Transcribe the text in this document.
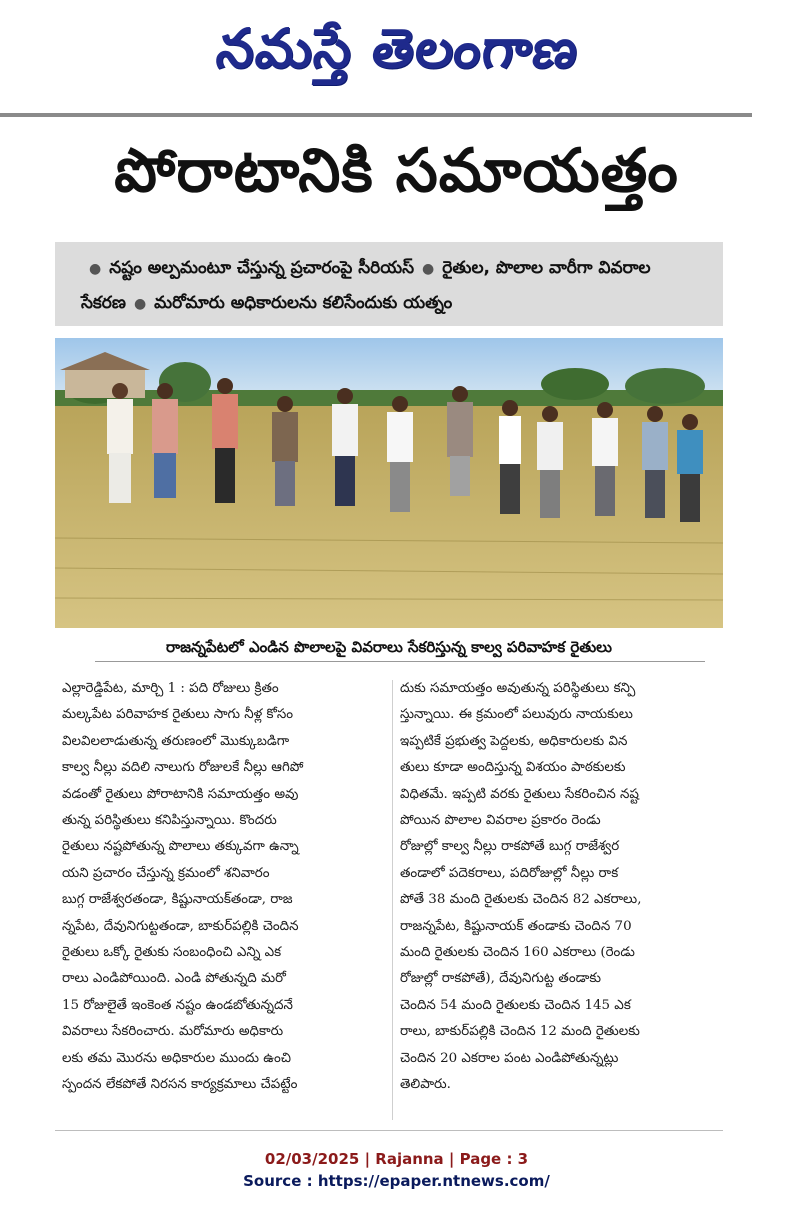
నమస్తే తెలంగాణ
పోరాటానికి సమాయత్తం
● నష్టం అల్పమంటూ చేస్తున్న ప్రచారంపై సీరియస్ ● రైతుల, పొలాల వారీగా వివరాల సేకరణ ● మరోమారు అధికారులను కలిసేందుకు యత్నం
రాజన్నపేటలో ఎండిన పొలాలపై వివరాలు సేకరిస్తున్న కాల్వ పరివాహక రైతులు
ఎల్లారెడ్డిపేట, మార్చి 1 : పది రోజులు క్రితం
మల్కపేట పరివాహక రైతులు సాగు నీళ్ల కోసం
విలవిలలాడుతున్న తరుణంలో మొక్కుబడిగా
కాల్వ నీల్లు వదిలి నాలుగు రోజులకే నీల్లు ఆగిపో
వడంతో రైతులు పోరాటానికి సమాయత్తం అవు
తున్న పరిస్థితులు కనిపిస్తున్నాయి. కొందరు
రైతులు నష్టపోతున్న పొలాలు తక్కువగా ఉన్నా
యని ప్రచారం చేస్తున్న క్రమంలో శనివారం
బుగ్గ రాజేశ్వరతండా, కిష్టునాయక్‌తండా, రాజ
న్నపేట, దేవునిగుట్టతండా, బాకుర్‌పల్లికి చెందిన
రైతులు ఒక్కో రైతుకు సంబంధించి ఎన్ని ఎక
రాలు ఎండిపోయింది. ఎండి పోతున్నది మరో
15 రోజులైతే ఇంకెంత నష్టం ఉండబోతున్నదనే
వివరాలు సేకరించారు. మరోమారు అధికారు
లకు తమ మొరను అధికారుల ముందు ఉంచి
స్పందన లేకపోతే నిరసన కార్యక్రమాలు చేపట్టేం
దుకు సమాయత్తం అవుతున్న పరిస్థితులు కన్పి
స్తున్నాయి. ఈ క్రమంలో పలువురు నాయకులు
ఇప్పటికే ప్రభుత్వ పెద్దలకు, అధికారులకు విన
తులు కూడా అందిస్తున్న విశయం పాఠకులకు
విధితమే. ఇప్పటి వరకు రైతులు సేకరించిన నష్ట
పోయిన పొలాల వివరాల ప్రకారం రెండు
రోజుల్లో కాల్వ నీల్లు రాకపోతే బుగ్గ రాజేశ్వర
తండాలో పదెకరాలు, పదిరోజుల్లో నీల్లు రాక
పోతే 38 మంది రైతులకు చెందిన 82 ఎకరాలు,
రాజన్నపేట, కిష్టునాయక్ తండాకు చెందిన 70
మంది రైతులకు చెందిన 160 ఎకరాలు (రెండు
రోజుల్లో రాకపోతే), దేవునిగుట్ట తండాకు
చెందిన 54 మంది రైతులకు చెందిన 145 ఎక
రాలు, బాకుర్‌పల్లికి చెందిన 12 మంది రైతులకు
చెందిన 20 ఎకరాల పంట ఎండిపోతున్నట్లు
తెలిపారు.
02/03/2025 | Rajanna | Page : 3
Source : https://epaper.ntnews.com/
